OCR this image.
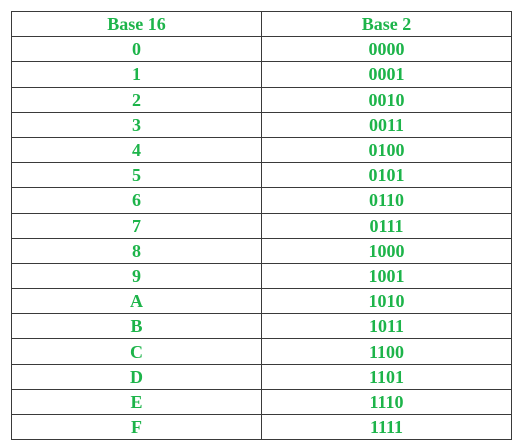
Base 16	Base 2
0	0000
1	0001
2	0010
3	0011
4	0100
5	0101
6	0110
7	0111
8	1000
9	1001
A	1010
B	1011
C	1100
D	1101
E	1110
F	1111
